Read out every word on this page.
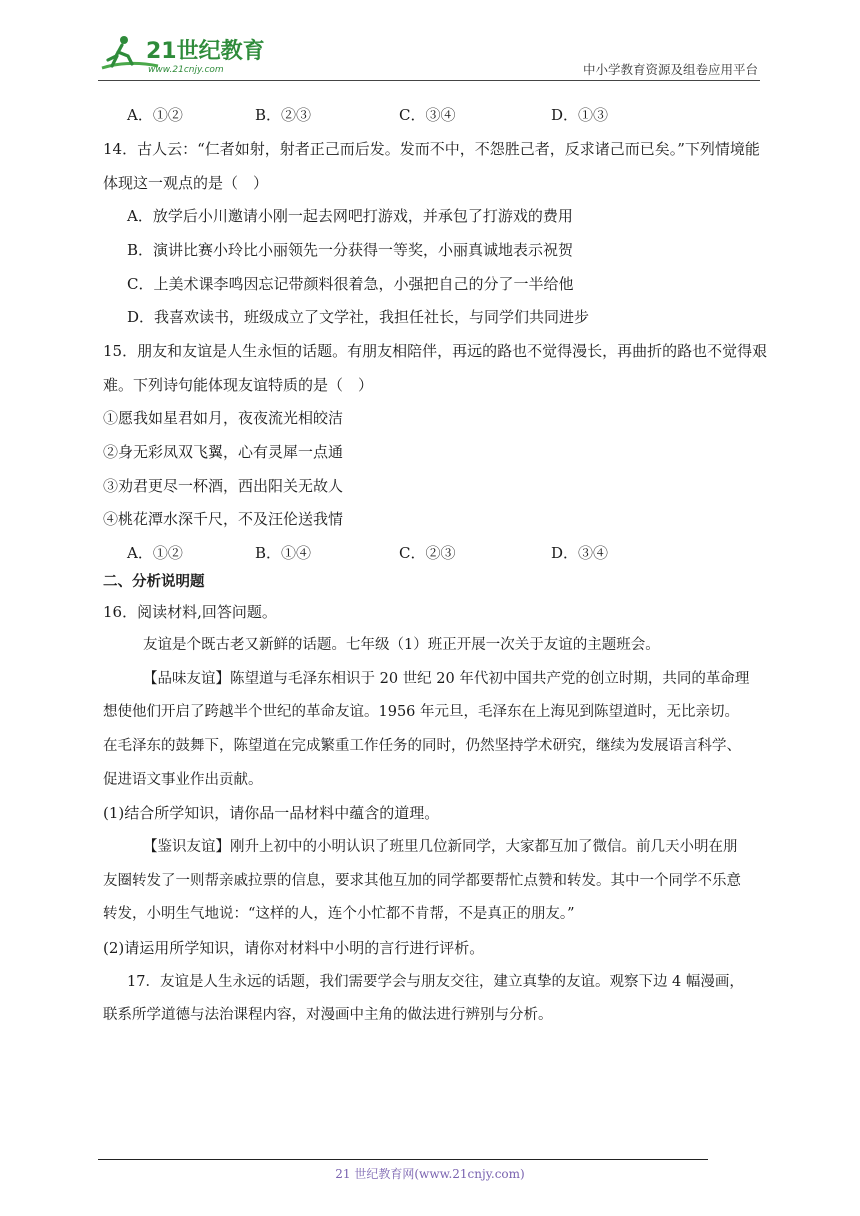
21世纪教育
www.21cnjy.com	中小学教育资源及组卷应用平台
A．①②	B．②③	C．③④	D．①③
14．古人云：“仁者如射，射者正己而后发。发而不中，不怨胜己者，反求诸己而已矣。”下列情境能
体现这一观点的是（　）
A．放学后小川邀请小刚一起去网吧打游戏，并承包了打游戏的费用
B．演讲比赛小玲比小丽领先一分获得一等奖，小丽真诚地表示祝贺
C．上美术课李鸣因忘记带颜料很着急，小强把自己的分了一半给他
D．我喜欢读书，班级成立了文学社，我担任社长，与同学们共同进步
15．朋友和友谊是人生永恒的话题。有朋友相陪伴，再远的路也不觉得漫长，再曲折的路也不觉得艰
难。下列诗句能体现友谊特质的是（　）
①愿我如星君如月，夜夜流光相皎洁
②身无彩凤双飞翼，心有灵犀一点通
③劝君更尽一杯酒，西出阳关无故人
④桃花潭水深千尺，不及汪伦送我情
A．①②	B．①④	C．②③	D．③④
二、分析说明题
16．阅读材料,回答问题。
友谊是个既古老又新鲜的话题。七年级（1）班正开展一次关于友谊的主题班会。
【品味友谊】陈望道与毛泽东相识于 20 世纪 20 年代初中国共产党的创立时期，共同的革命理
想使他们开启了跨越半个世纪的革命友谊。1956 年元旦，毛泽东在上海见到陈望道时，无比亲切。
在毛泽东的鼓舞下，陈望道在完成繁重工作任务的同时，仍然坚持学术研究，继续为发展语言科学、
促进语文事业作出贡献。
(1)结合所学知识，请你品一品材料中蕴含的道理。
【鉴识友谊】刚升上初中的小明认识了班里几位新同学，大家都互加了微信。前几天小明在朋
友圈转发了一则帮亲戚拉票的信息，要求其他互加的同学都要帮忙点赞和转发。其中一个同学不乐意
转发，小明生气地说：“这样的人，连个小忙都不肯帮，不是真正的朋友。”
(2)请运用所学知识，请你对材料中小明的言行进行评析。
17．友谊是人生永远的话题，我们需要学会与朋友交往，建立真挚的友谊。观察下边 4 幅漫画，
联系所学道德与法治课程内容，对漫画中主角的做法进行辨别与分析。
21 世纪教育网(www.21cnjy.com)
